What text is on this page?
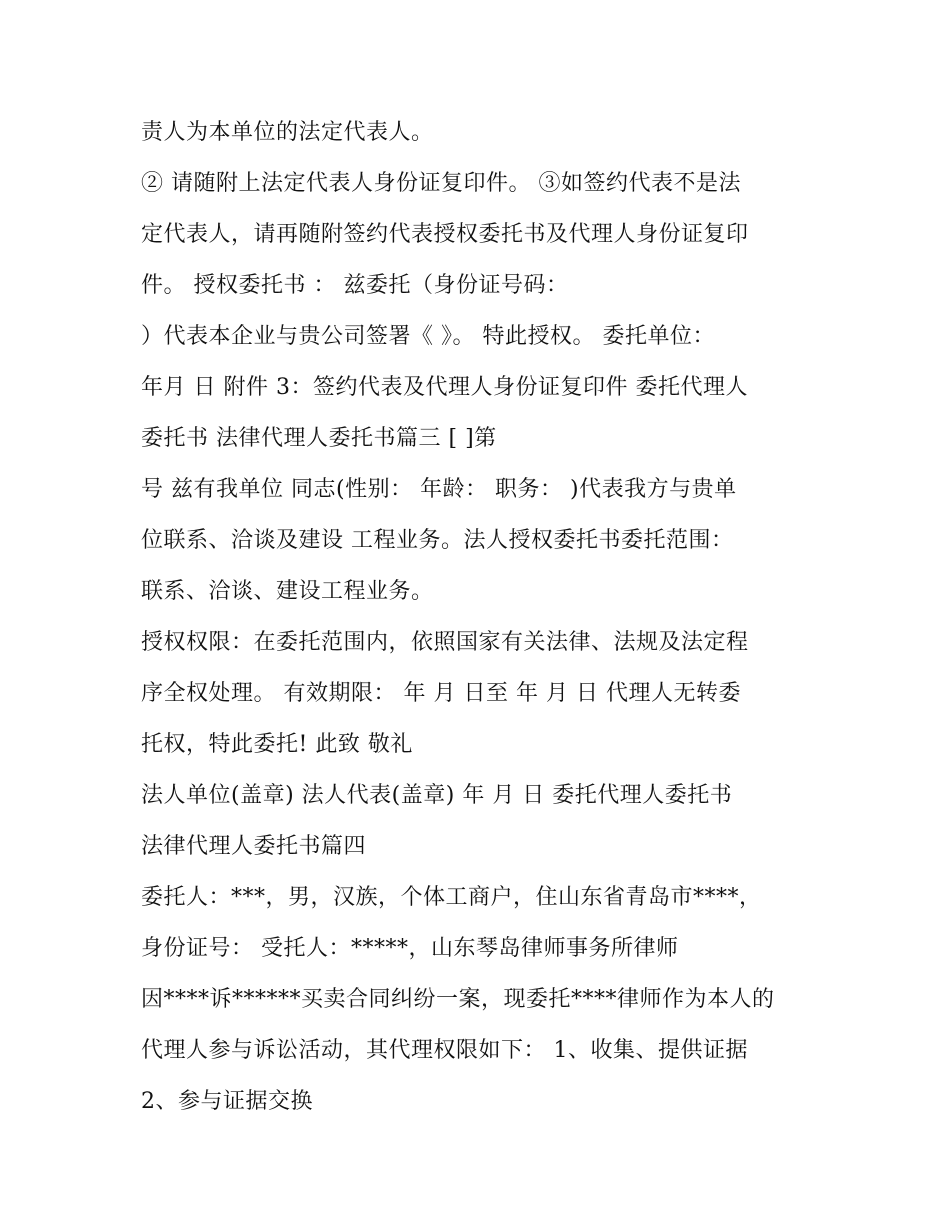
责人为本单位的法定代表人。
② 请随附上法定代表人身份证复印件。 ③如签约代表不是法
定代表人，请再随附签约代表授权委托书及代理人身份证复印
件。 授权委托书 ： 兹委托（身份证号码：
）代表本企业与贵公司签署《 》。 特此授权。 委托单位：
年月 日 附件 3：签约代表及代理人身份证复印件 委托代理人
委托书 法律代理人委托书篇三 [ ]第
号 兹有我单位 同志(性别： 年龄： 职务： )代表我方与贵单
位联系、洽谈及建设 工程业务。法人授权委托书委托范围：
联系、洽谈、建设工程业务。
授权权限：在委托范围内，依照国家有关法律、法规及法定程
序全权处理。 有效期限： 年 月 日至 年 月 日 代理人无转委
托权，特此委托! 此致 敬礼
法人单位(盖章) 法人代表(盖章) 年 月 日 委托代理人委托书
法律代理人委托书篇四
委托人：***，男，汉族，个体工商户，住山东省青岛市****，
身份证号： 受托人：*****，山东琴岛律师事务所律师
因****诉******买卖合同纠纷一案，现委托****律师作为本人的
代理人参与诉讼活动，其代理权限如下： 1、收集、提供证据
2、参与证据交换
